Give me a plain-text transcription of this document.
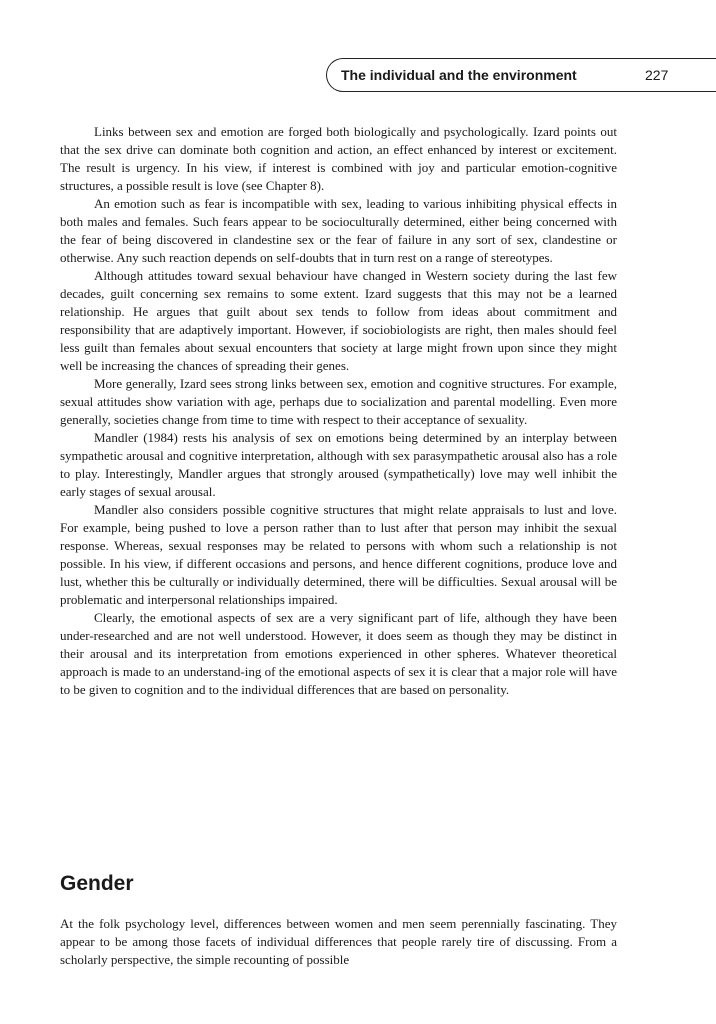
The individual and the environment	227

Links between sex and emotion are forged both biologically and psychologically. Izard points out that the sex drive can dominate both cognition and action, an effect enhanced by interest or excitement. The result is urgency. In his view, if interest is combined with joy and particular emotion-cognitive structures, a possible result is love (see Chapter 8).

An emotion such as fear is incompatible with sex, leading to various inhibiting physical effects in both males and females. Such fears appear to be socioculturally determined, either being concerned with the fear of being discovered in clandestine sex or the fear of failure in any sort of sex, clandestine or otherwise. Any such reaction depends on self-doubts that in turn rest on a range of stereotypes.

Although attitudes toward sexual behaviour have changed in Western society during the last few decades, guilt concerning sex remains to some extent. Izard suggests that this may not be a learned relationship. He argues that guilt about sex tends to follow from ideas about commitment and responsibility that are adaptively important. However, if sociobiologists are right, then males should feel less guilt than females about sexual encounters that society at large might frown upon since they might well be increasing the chances of spreading their genes.

More generally, Izard sees strong links between sex, emotion and cognitive structures. For example, sexual attitudes show variation with age, perhaps due to socialization and parental modelling. Even more generally, societies change from time to time with respect to their acceptance of sexuality.

Mandler (1984) rests his analysis of sex on emotions being determined by an interplay between sympathetic arousal and cognitive interpretation, although with sex parasympathetic arousal also has a role to play. Interestingly, Mandler argues that strongly aroused (sympathetically) love may well inhibit the early stages of sexual arousal.

Mandler also considers possible cognitive structures that might relate appraisals to lust and love. For example, being pushed to love a person rather than to lust after that person may inhibit the sexual response. Whereas, sexual responses may be related to persons with whom such a relationship is not possible. In his view, if different occasions and persons, and hence different cognitions, produce love and lust, whether this be culturally or individually determined, there will be difficulties. Sexual arousal will be problematic and interpersonal relationships impaired.

Clearly, the emotional aspects of sex are a very significant part of life, although they have been under-researched and are not well understood. However, it does seem as though they may be distinct in their arousal and its interpretation from emotions experienced in other spheres. Whatever theoretical approach is made to an understand-ing of the emotional aspects of sex it is clear that a major role will have to be given to cognition and to the individual differences that are based on personality.

Gender

At the folk psychology level, differences between women and men seem perennially fascinating. They appear to be among those facets of individual differences that people rarely tire of discussing. From a scholarly perspective, the simple recounting of possible
